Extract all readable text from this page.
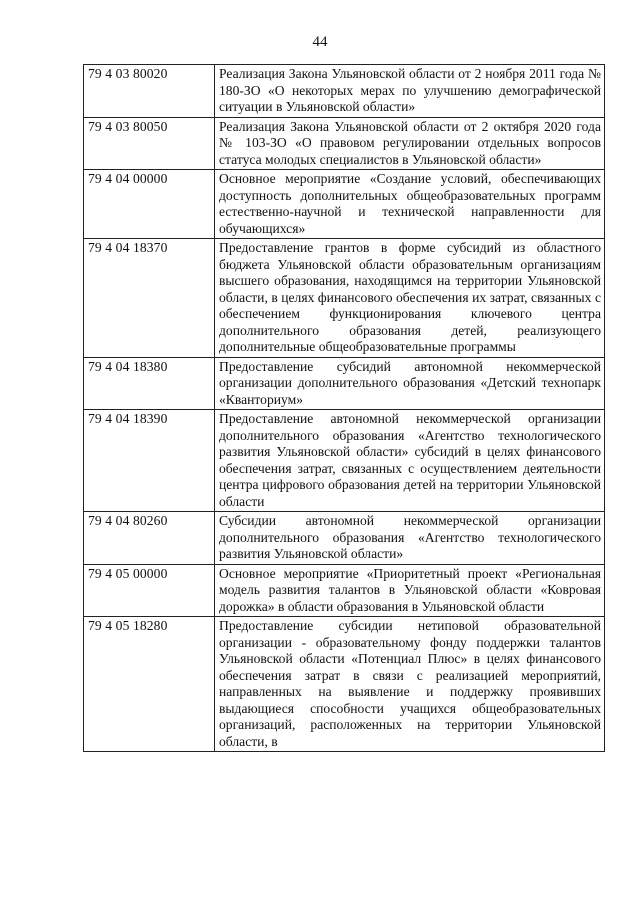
44
79 4 03 80020	Реализация Закона Ульяновской области от 2 ноября 2011 года № 180-ЗО «О некоторых мерах по улучшению демографической ситуации в Ульяновской области»
79 4 03 80050	Реализация Закона Ульяновской области от 2 октября 2020 года № 103-ЗО «О правовом регулировании отдельных вопросов статуса молодых специалистов в Ульяновской области»
79 4 04 00000	Основное мероприятие «Создание условий, обеспечивающих доступность дополнительных общеобразовательных программ естественно-научной и технической направленности для обучающихся»
79 4 04 18370	Предоставление грантов в форме субсидий из областного бюджета Ульяновской области образовательным организациям высшего образования, находящимся на территории Ульяновской области, в целях финансового обеспечения их затрат, связанных с обеспечением функционирования ключевого центра дополнительного образования детей, реализующего дополнительные общеобразовательные программы
79 4 04 18380	Предоставление субсидий автономной некоммерческой организации дополнительного образования «Детский технопарк «Кванториум»
79 4 04 18390	Предоставление автономной некоммерческой организации дополнительного образования «Агентство технологического развития Ульяновской области» субсидий в целях финансового обеспечения затрат, связанных с осуществлением деятельности центра цифрового образования детей на территории Ульяновской области
79 4 04 80260	Субсидии автономной некоммерческой организации дополнительного образования «Агентство технологического развития Ульяновской области»
79 4 05 00000	Основное мероприятие «Приоритетный проект «Региональная модель развития талантов в Ульяновской области «Ковровая дорожка» в области образования в Ульяновской области
79 4 05 18280	Предоставление субсидии нетиповой образовательной организации - образовательному фонду поддержки талантов Ульяновской области «Потенциал Плюс» в целях финансового обеспечения затрат в связи с реализацией мероприятий, направленных на выявление и поддержку проявивших выдающиеся способности учащихся общеобразовательных организаций, расположенных на территории Ульяновской области, в
